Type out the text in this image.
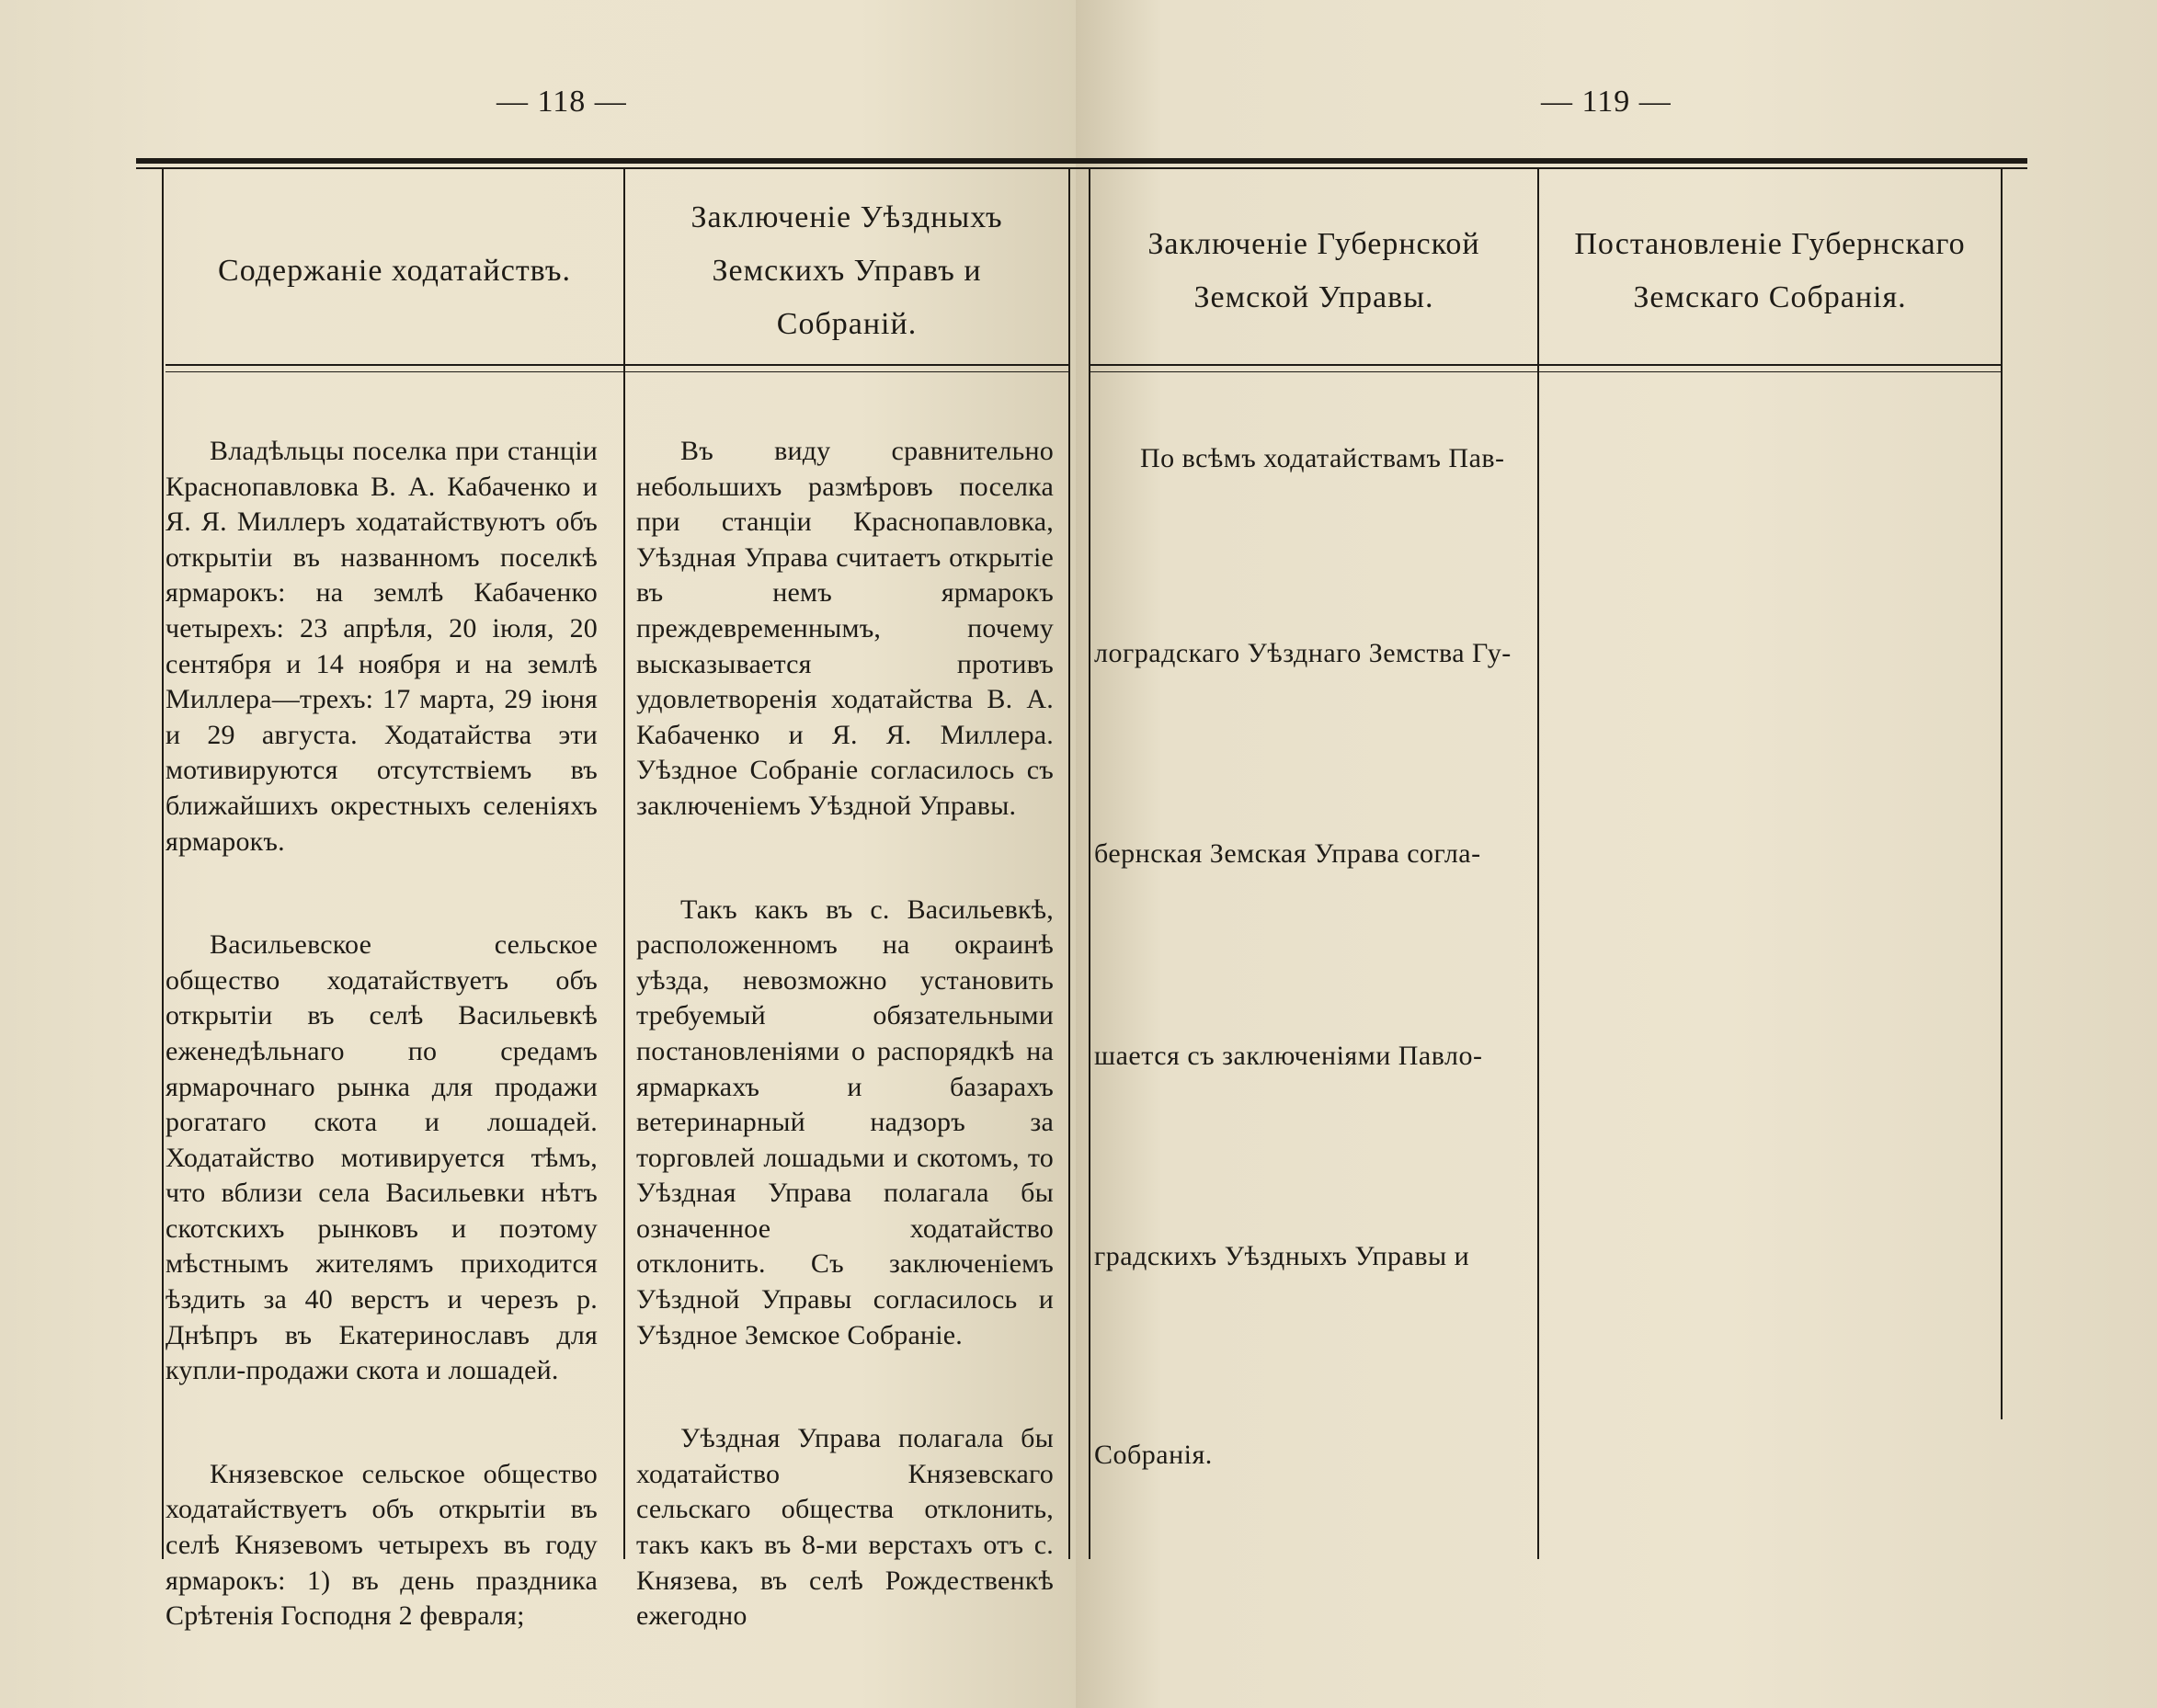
— 118 —
Содержаніе ходатайствъ.
Заключеніе Уѣздныхъ Земскихъ Управъ и Собраній.

Владѣльцы поселка при станціи Краснопавловка В. А. Кабаченко и Я. Я. Миллеръ ходатайствуютъ объ открытіи въ названномъ поселкѣ ярмарокъ: на землѣ Кабаченко четырехъ: 23 апрѣля, 20 іюля, 20 сентября и 14 ноября и на землѣ Миллера—трехъ: 17 марта, 29 іюня и 29 августа. Ходатайства эти мотивируются отсутствіемъ въ ближайшихъ окрестныхъ селеніяхъ ярмарокъ.

Васильевское сельское общество ходатайствуетъ объ открытіи въ селѣ Васильевкѣ еженедѣльнаго по средамъ ярмарочнаго рынка для продажи рогатаго скота и лошадей. Ходатайство мотивируется тѣмъ, что вблизи села Васильевки нѣтъ скотскихъ рынковъ и поэтому мѣстнымъ жителямъ приходится ѣздить за 40 верстъ и черезъ р. Днѣпръ въ Екатеринославъ для купли-продажи скота и лошадей.

Князевское сельское общество ходатайствуетъ объ открытіи въ селѣ Князевомъ четырехъ въ году ярмарокъ: 1) въ день праздника Срѣтенія Господня 2 февраля;

Въ виду сравнительно небольшихъ размѣровъ поселка при станціи Краснопавловка, Уѣздная Управа считаетъ открытіе въ немъ ярмарокъ преждевременнымъ, почему высказывается противъ удовлетворенія ходатайства В. А. Кабаченко и Я. Я. Миллера. Уѣздное Собраніе согласилось съ заключеніемъ Уѣздной Управы.

Такъ какъ въ с. Васильевкѣ, расположенномъ на окраинѣ уѣзда, невозможно установить требуемый обязательными постановленіями о распорядкѣ на ярмаркахъ и базарахъ ветеринарный надзоръ за торговлей лошадьми и скотомъ, то Уѣздная Управа полагала бы означенное ходатайство отклонить. Съ заключеніемъ Уѣздной Управы согласилось и Уѣздное Земское Собраніе.

Уѣздная Управа полагала бы ходатайство Князевскаго сельскаго общества отклонить, такъ какъ въ 8-ми верстахъ отъ с. Князева, въ селѣ Рождественкѣ ежегодно

— 119 —
Заключеніе Губернской Земской Управы.
Постановленіе Губернскаго Земскаго Собранія.
По всѣмъ ходатайствамъ Пав-
лоградскаго Уѣзднаго Земства Гу-
бернская Земская Управа согла-
шается съ заключеніями Павло-
градскихъ Уѣздныхъ Управы и
Собранія.
